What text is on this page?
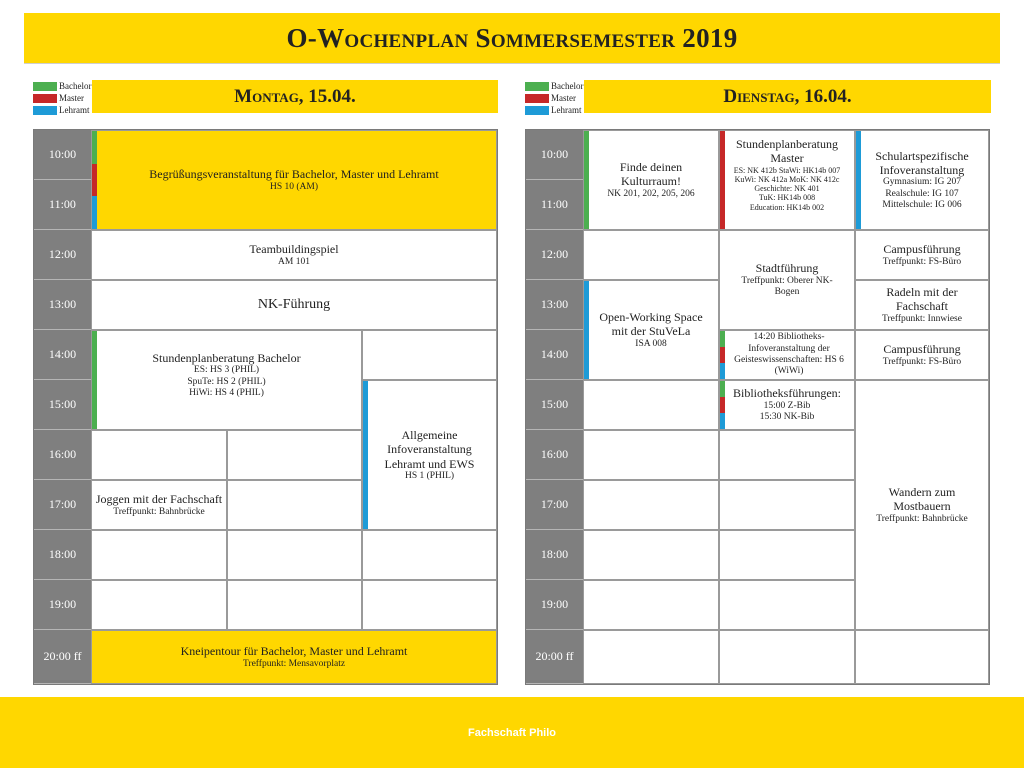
O-Wochenplan Sommersemester 2019
Bachelor
Master
Lehramt
Montag, 15.04.	Bachelor
Master
Lehramt
Dienstag, 16.04.
10:00
11:00
12:00
13:00
14:00
15:00
16:00
17:00
18:00
19:00
20:00 ff
Begrüßungsveranstaltung für Bachelor, Master und Lehramt
HS 10 (AM)
Teambuildingspiel
AM 101
NK-Führung
Stundenplanberatung Bachelor
ES: HS 3 (PHIL)
SpuTe: HS 2 (PHIL)
HiWi: HS 4 (PHIL)
Allgemeine Infoveranstaltung Lehramt und EWS
HS 1 (PHIL)
Joggen mit der Fachschaft
Treffpunkt: Bahnbrücke
Kneipentour für Bachelor, Master und Lehramt
Treffpunkt: Mensavorplatz
10:00
11:00
12:00
13:00
14:00
15:00
16:00
17:00
18:00
19:00
20:00 ff
Finde deinen Kulturraum!
NK 201, 202, 205, 206
Open-Working Space mit der StuVeLa
ISA 008
Stundenplanberatung Master
ES: NK 412b StaWi: HK14b 007
KuWi: NK 412a MoK: NK 412c
Geschichte: NK 401
TuK: HK14b 008
Education: HK14b 002
Stadtführung
Treffpunkt: Oberer NK-Bogen
14:20 Bibliotheks-Infoveranstaltung der Geisteswissenschaften: HS 6 (WiWi)
Bibliotheksführungen:
15:00 Z-Bib
15:30 NK-Bib
Schulartspezifische Infoveranstaltung
Gymnasium: IG 207
Realschule: IG 107
Mittelschule: IG 006
Campusführung
Treffpunkt: FS-Büro
Radeln mit der Fachschaft
Treffpunkt: Innwiese
Campusführung
Treffpunkt: FS-Büro
Wandern zum Mostbauern
Treffpunkt: Bahnbrücke
Fachschaft Philo
